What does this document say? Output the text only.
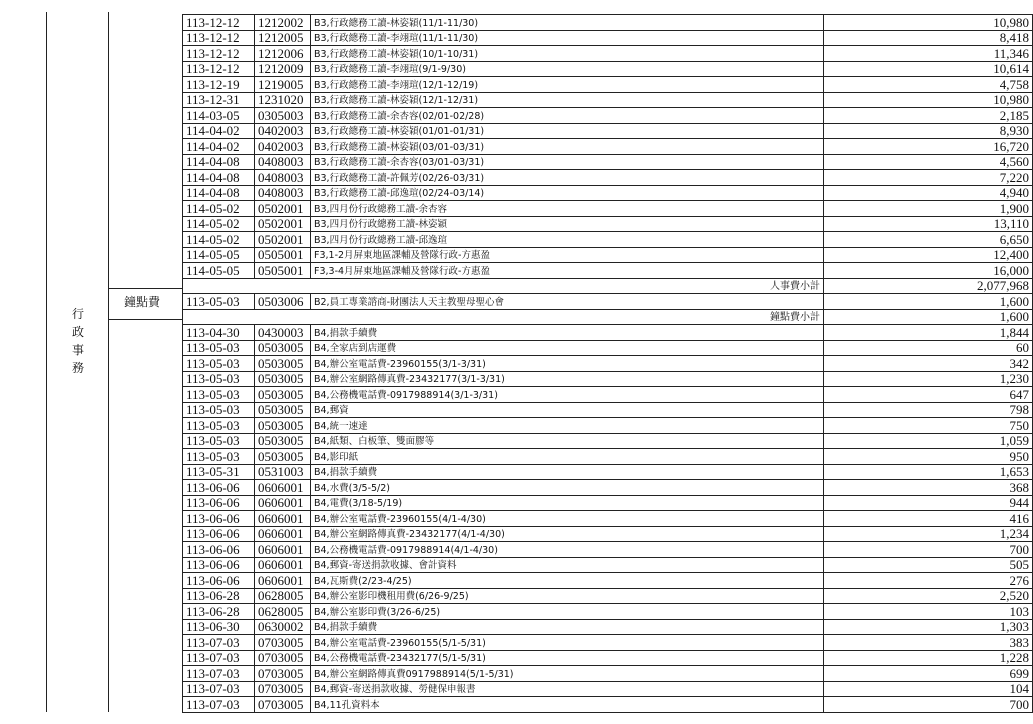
行
政
事
務
鐘點費
113-12-12	1212002	B3,行政總務工讀-林姿穎(11/1-11/30)	10,980
113-12-12	1212005	B3,行政總務工讀-李翊瑄(11/1-11/30)	8,418
113-12-12	1212006	B3,行政總務工讀-林姿穎(10/1-10/31)	11,346
113-12-12	1212009	B3,行政總務工讀-李翊瑄(9/1-9/30)	10,614
113-12-19	1219005	B3,行政總務工讀-李翊瑄(12/1-12/19)	4,758
113-12-31	1231020	B3,行政總務工讀-林姿穎(12/1-12/31)	10,980
114-03-05	0305003	B3,行政總務工讀-余杏容(02/01-02/28)	2,185
114-04-02	0402003	B3,行政總務工讀-林姿穎(01/01-01/31)	8,930
114-04-02	0402003	B3,行政總務工讀-林姿穎(03/01-03/31)	16,720
114-04-08	0408003	B3,行政總務工讀-余杏容(03/01-03/31)	4,560
114-04-08	0408003	B3,行政總務工讀-許佩芳(02/26-03/31)	7,220
114-04-08	0408003	B3,行政總務工讀-邱逸瑄(02/24-03/14)	4,940
114-05-02	0502001	B3,四月份行政總務工讀-余杏容	1,900
114-05-02	0502001	B3,四月份行政總務工讀-林姿穎	13,110
114-05-02	0502001	B3,四月份行政總務工讀-邱逸瑄	6,650
114-05-05	0505001	F3,1-2月屏東地區課輔及營隊行政-方惠盈	12,400
114-05-05	0505001	F3,3-4月屏東地區課輔及營隊行政-方惠盈	16,000
人事費小計			2,077,968
113-05-03	0503006	B2,員工專業諮商-財團法人天主教聖母聖心會	1,600
鐘點費小計			1,600
113-04-30	0430003	B4,捐款手續費	1,844
113-05-03	0503005	B4,全家店到店運費	60
113-05-03	0503005	B4,辦公室電話費-23960155(3/1-3/31)	342
113-05-03	0503005	B4,辦公室網路傳真費-23432177(3/1-3/31)	1,230
113-05-03	0503005	B4,公務機電話費-0917988914(3/1-3/31)	647
113-05-03	0503005	B4,郵資	798
113-05-03	0503005	B4,統一速達	750
113-05-03	0503005	B4,紙類、白板筆、雙面膠等	1,059
113-05-03	0503005	B4,影印紙	950
113-05-31	0531003	B4,捐款手續費	1,653
113-06-06	0606001	B4,水費(3/5-5/2)	368
113-06-06	0606001	B4,電費(3/18-5/19)	944
113-06-06	0606001	B4,辦公室電話費-23960155(4/1-4/30)	416
113-06-06	0606001	B4,辦公室網路傳真費-23432177(4/1-4/30)	1,234
113-06-06	0606001	B4,公務機電話費-0917988914(4/1-4/30)	700
113-06-06	0606001	B4,郵資-寄送捐款收據、會計資料	505
113-06-06	0606001	B4,瓦斯費(2/23-4/25)	276
113-06-28	0628005	B4,辦公室影印機租用費(6/26-9/25)	2,520
113-06-28	0628005	B4,辦公室影印費(3/26-6/25)	103
113-06-30	0630002	B4,捐款手續費	1,303
113-07-03	0703005	B4,辦公室電話費-23960155(5/1-5/31)	383
113-07-03	0703005	B4,公務機電話費-23432177(5/1-5/31)	1,228
113-07-03	0703005	B4,辦公室網路傳真費0917988914(5/1-5/31)	699
113-07-03	0703005	B4,郵資-寄送捐款收據、勞健保申報書	104
113-07-03	0703005	B4,11孔資料本	700
